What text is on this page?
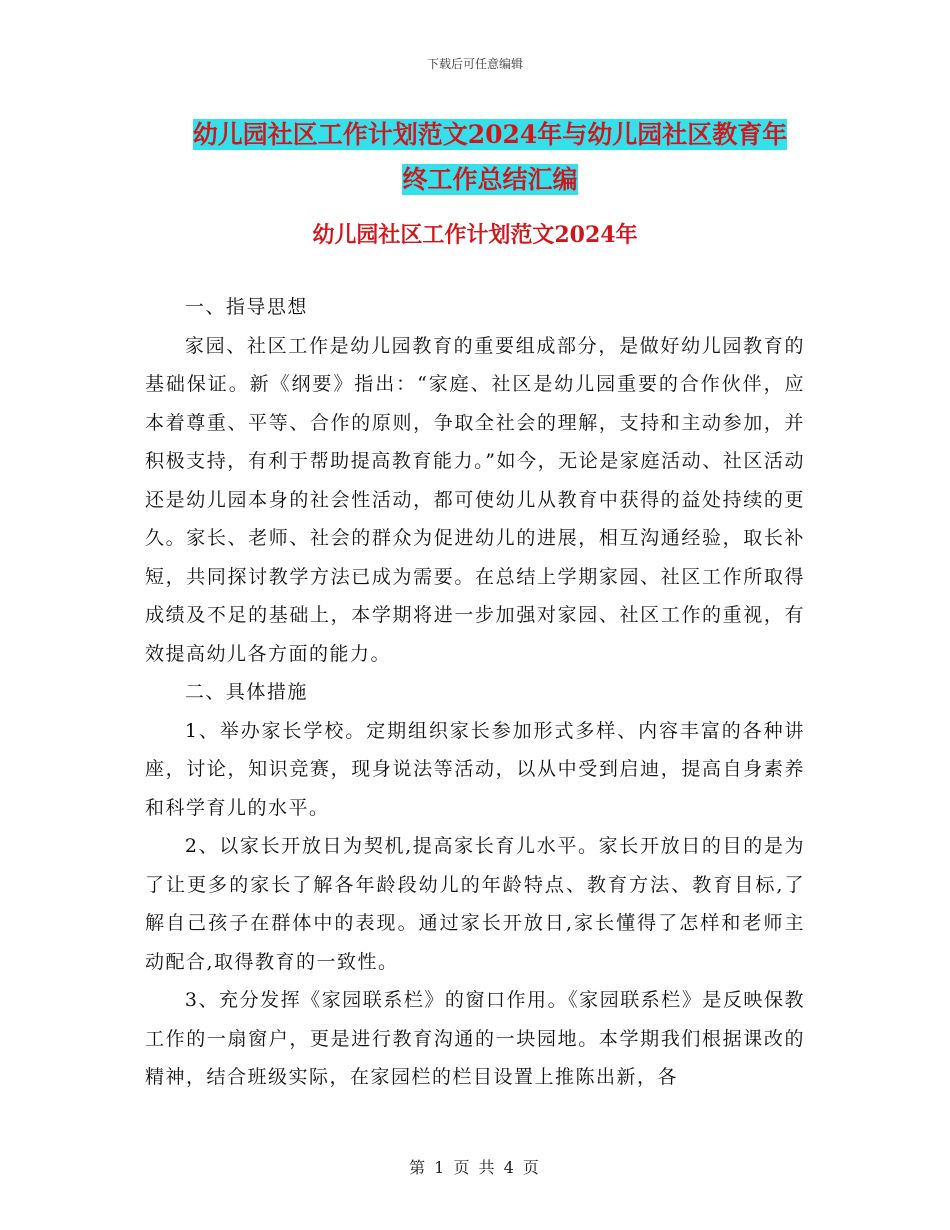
下载后可任意编辑
幼儿园社区工作计划范文2024年与幼儿园社区教育年
终工作总结汇编
幼儿园社区工作计划范文2024年

一、指导思想

家园、社区工作是幼儿园教育的重要组成部分，是做好幼儿园教育的基础保证。新《纲要》指出：“家庭、社区是幼儿园重要的合作伙伴，应本着尊重、平等、合作的原则，争取全社会的理解，支持和主动参加，并积极支持，有利于帮助提高教育能力。”如今，无论是家庭活动、社区活动还是幼儿园本身的社会性活动，都可使幼儿从教育中获得的益处持续的更久。家长、老师、社会的群众为促进幼儿的进展，相互沟通经验，取长补短，共同探讨教学方法已成为需要。在总结上学期家园、社区工作所取得成绩及不足的基础上，本学期将进一步加强对家园、社区工作的重视，有效提高幼儿各方面的能力。

二、具体措施

1、举办家长学校。定期组织家长参加形式多样、内容丰富的各种讲座，讨论，知识竞赛，现身说法等活动，以从中受到启迪，提高自身素养和科学育儿的水平。

2、以家长开放日为契机,提高家长育儿水平。家长开放日的目的是为了让更多的家长了解各年龄段幼儿的年龄特点、教育方法、教育目标,了解自己孩子在群体中的表现。通过家长开放日,家长懂得了怎样和老师主动配合,取得教育的一致性。

3、充分发挥《家园联系栏》的窗口作用。《家园联系栏》是反映保教工作的一扇窗户，更是进行教育沟通的一块园地。本学期我们根据课改的精神，结合班级实际，在家园栏的栏目设置上推陈出新，各

第 1 页 共 4 页
